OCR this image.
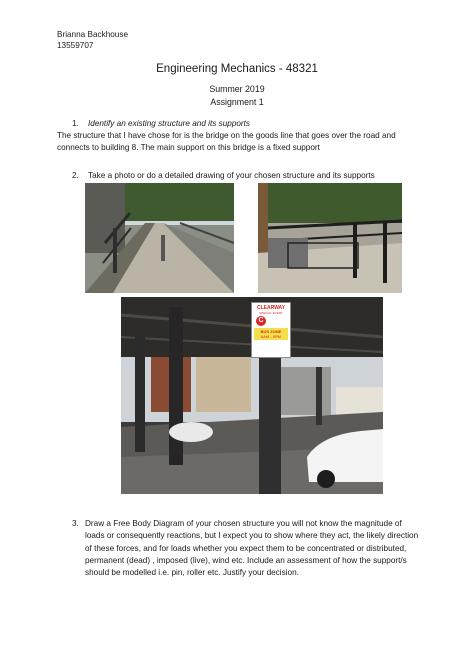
Brianna Backhouse
13559707
Engineering Mechanics - 48321
Summer 2019
Assignment 1
1. Identify an existing structure and its supports
The structure that I have chose for is the bridge on the goods line that goes over the road and connects to building 8. The main support on this bridge is a fixed support
2. Take a photo or do a detailed drawing of your chosen structure and its supports
CLEARWAY
SPECIAL EVENT
C
BUS ZONE
6AM - 9PM
3. Draw a Free Body Diagram of your chosen structure you will not know the magnitude of loads or consequently reactions, but I expect you to show where they act, the likely direction of these forces, and for loads whether you expect them to be concentrated or distributed, permanent (dead) , imposed (live), wind etc. Include an assessment of how the support/s should be modelled i.e. pin, roller etc. Justify your decision.
